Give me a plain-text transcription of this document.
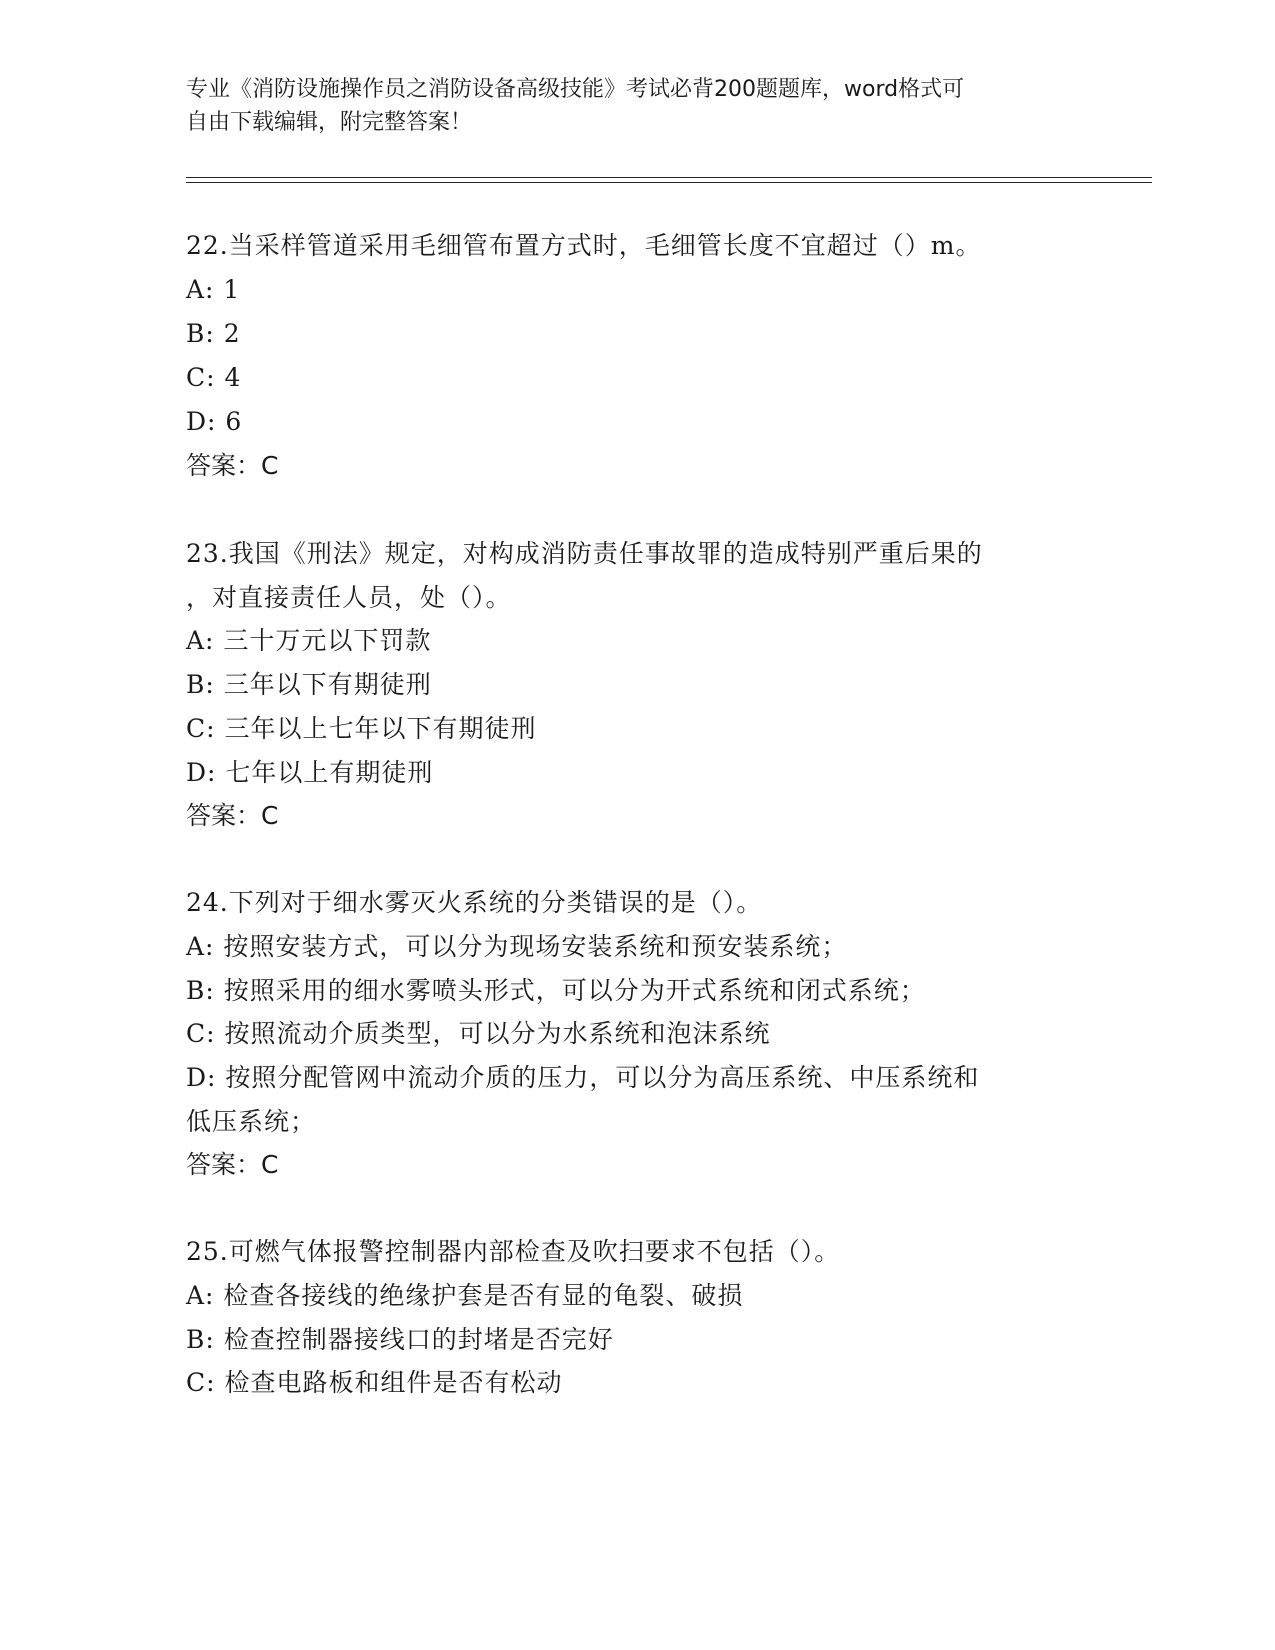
专业《消防设施操作员之消防设备高级技能》考试必背200题题库，word格式可
自由下载编辑，附完整答案！
22.当采样管道采用毛细管布置方式时，毛细管长度不宜超过（）m。
A: 1
B: 2
C: 4
D: 6
答案：C
23.我国《刑法》规定，对构成消防责任事故罪的造成特别严重后果的
，对直接责任人员，处（）。
A: 三十万元以下罚款
B: 三年以下有期徒刑
C: 三年以上七年以下有期徒刑
D: 七年以上有期徒刑
答案：C
24.下列对于细水雾灭火系统的分类错误的是（）。
A: 按照安装方式，可以分为现场安装系统和预安装系统；
B: 按照采用的细水雾喷头形式，可以分为开式系统和闭式系统；
C: 按照流动介质类型，可以分为水系统和泡沫系统
D: 按照分配管网中流动介质的压力，可以分为高压系统、中压系统和
低压系统；
答案：C
25.可燃气体报警控制器内部检查及吹扫要求不包括（）。
A: 检查各接线的绝缘护套是否有显的龟裂、破损
B: 检查控制器接线口的封堵是否完好
C: 检查电路板和组件是否有松动
